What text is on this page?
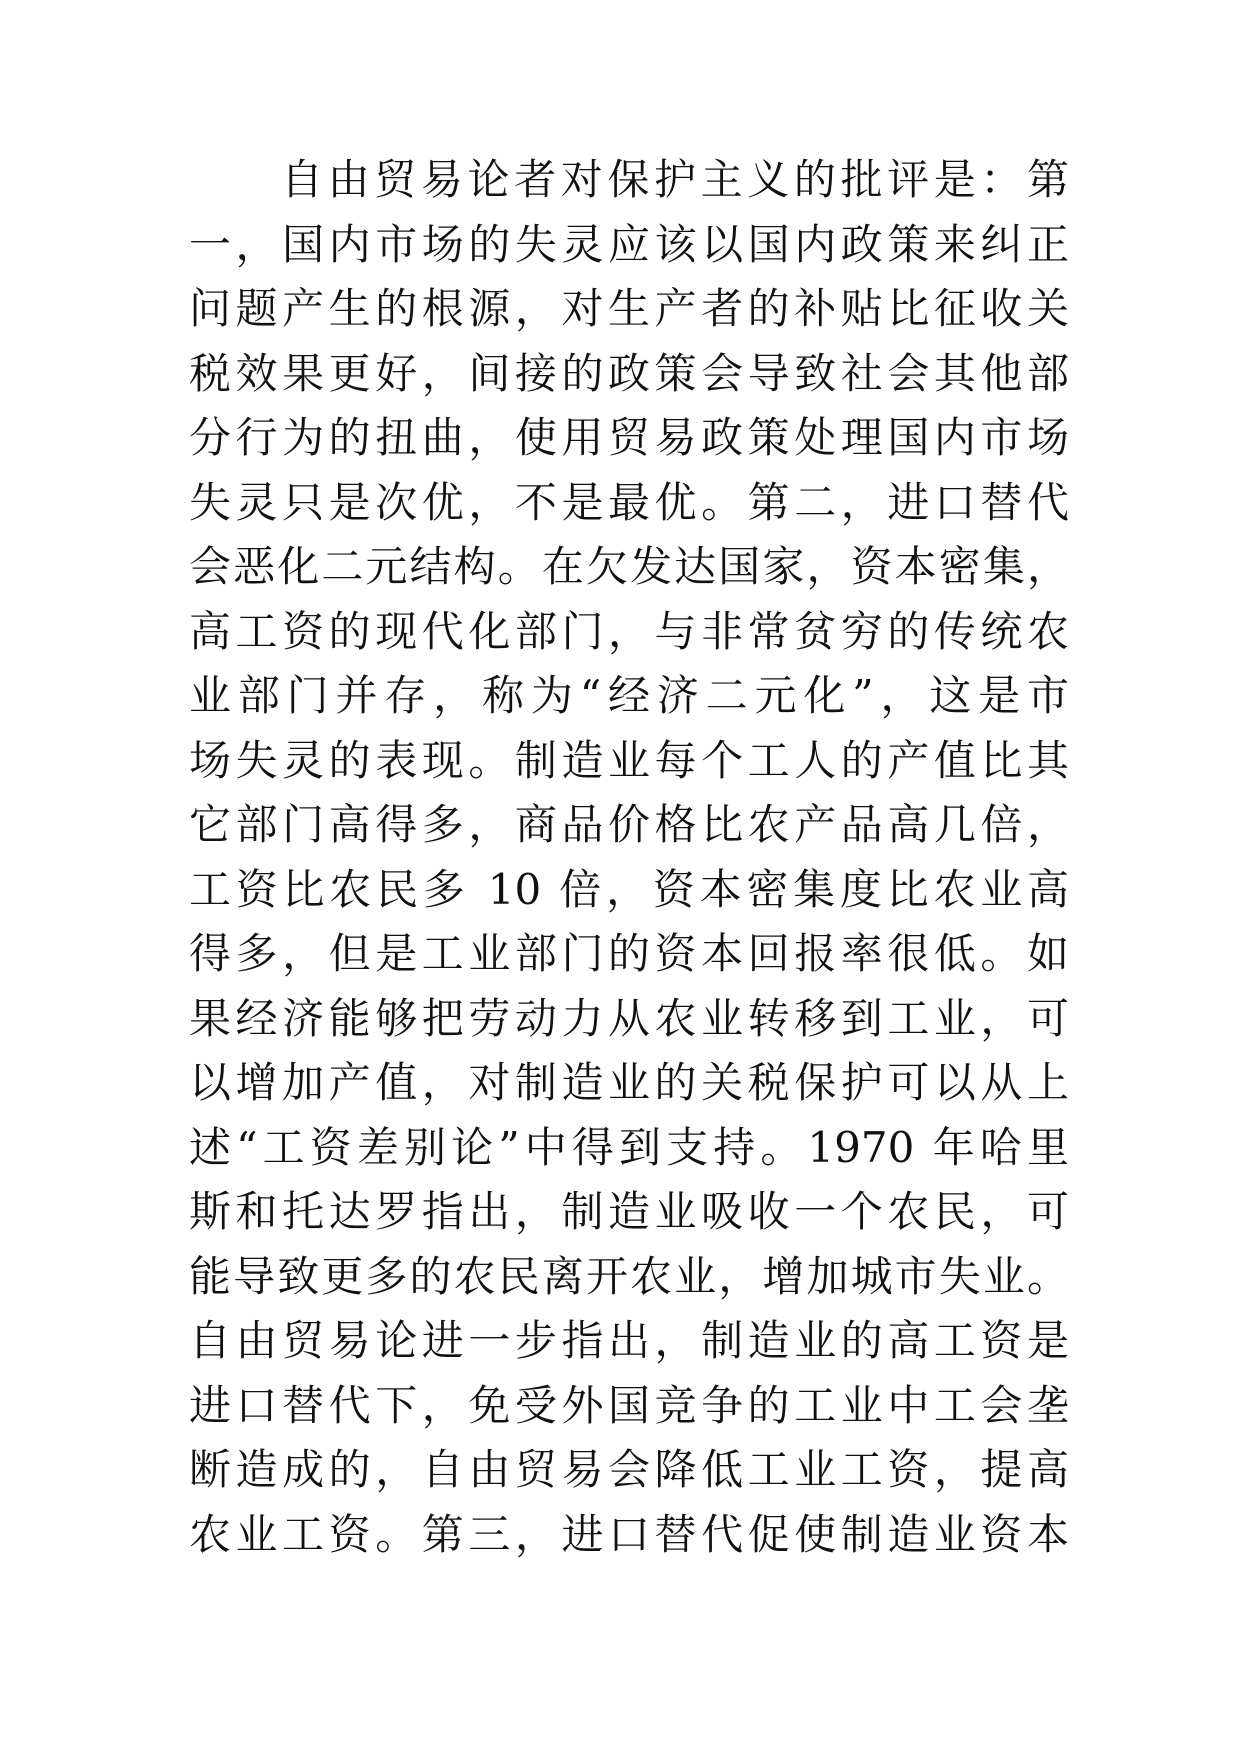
自由贸易论者对保护主义的批评是：第
一，国内市场的失灵应该以国内政策来纠正
问题产生的根源，对生产者的补贴比征收关
税效果更好，间接的政策会导致社会其他部
分行为的扭曲，使用贸易政策处理国内市场
失灵只是次优，不是最优。第二，进口替代
会恶化二元结构。在欠发达国家，资本密集，
高工资的现代化部门，与非常贫穷的传统农
业部门并存，称为“经济二元化”，这是市
场失灵的表现。制造业每个工人的产值比其
它部门高得多，商品价格比农产品高几倍，
工资比农民多 10 倍，资本密集度比农业高
得多，但是工业部门的资本回报率很低。如
果经济能够把劳动力从农业转移到工业，可
以增加产值，对制造业的关税保护可以从上
述“工资差别论”中得到支持。1970 年哈里
斯和托达罗指出，制造业吸收一个农民，可
能导致更多的农民离开农业，增加城市失业。
自由贸易论进一步指出，制造业的高工资是
进口替代下，免受外国竞争的工业中工会垄
断造成的，自由贸易会降低工业工资，提高
农业工资。第三，进口替代促使制造业资本
